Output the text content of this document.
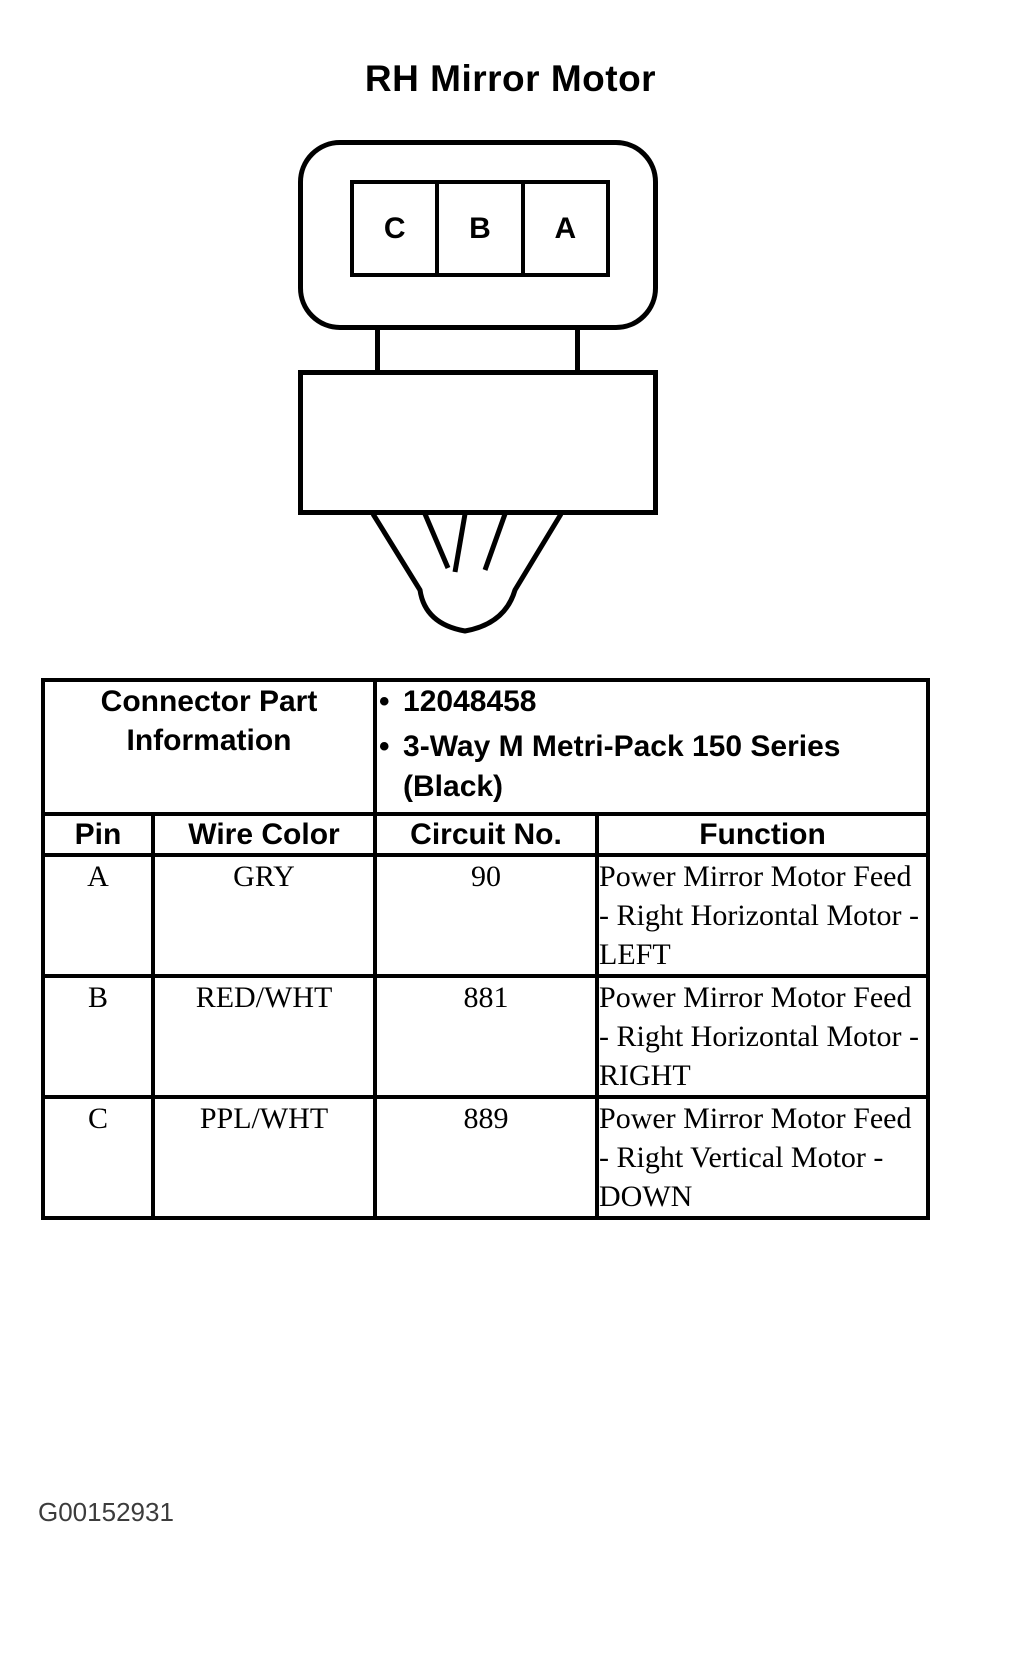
RH Mirror Motor
C	B	A
Connector Part Information	
• 12048458
• 3-Way M Metri-Pack 150 Series (Black)

Pin	Wire Color	Circuit No.	Function
A	GRY	90	Power Mirror Motor Feed - Right Horizontal Motor - LEFT
B	RED/WHT	881	Power Mirror Motor Feed - Right Horizontal Motor - RIGHT
C	PPL/WHT	889	Power Mirror Motor Feed - Right Vertical Motor - DOWN
G00152931
